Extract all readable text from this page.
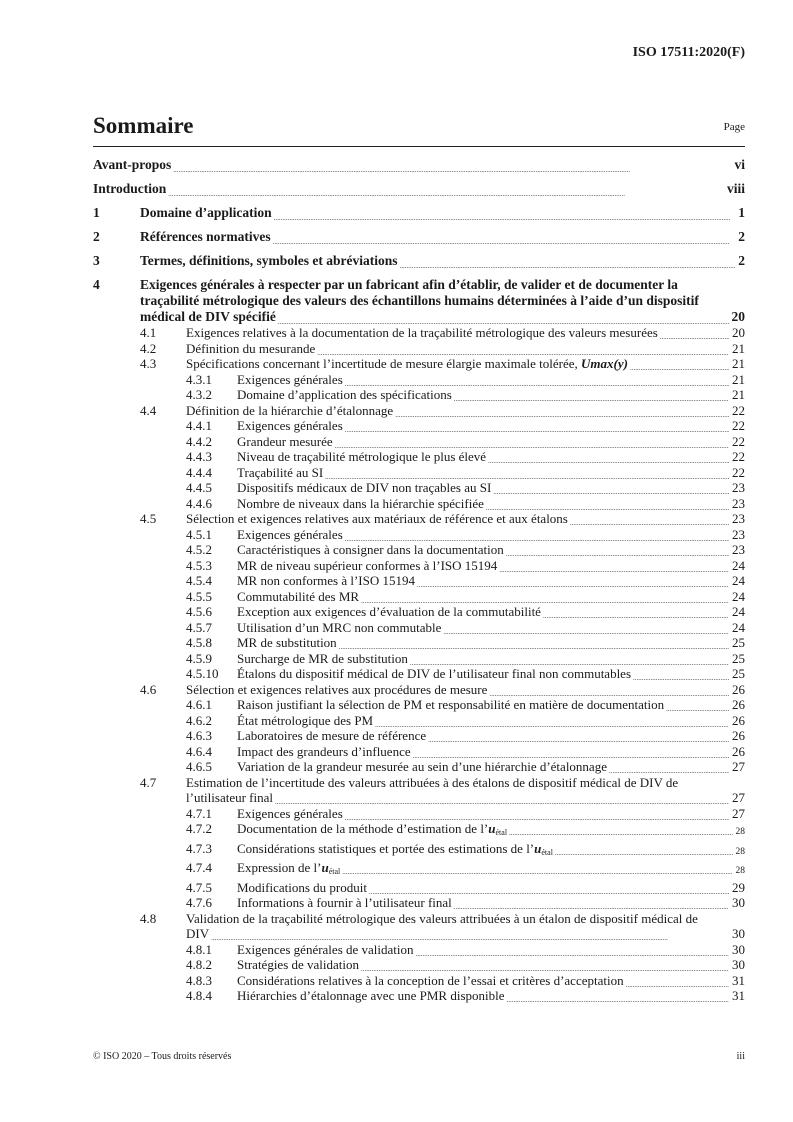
ISO 17511:2020(F)
Sommaire	Page
Avant-propos .....	vi
Introduction .....	viii
1	Domaine d’application .....	1
2	Références normatives .....	2
3	Termes, définitions, symboles et abréviations .....	2
4	Exigences générales à respecter par un fabricant afin d’établir, de valider et de documenter la traçabilité métrologique des valeurs des échantillons humains déterminées à l’aide d’un dispositif médical de DIV spécifié .....	20
4.1	Exigences relatives à la documentation de la traçabilité métrologique des valeurs mesurées .....	20
4.2	Définition du mesurande .....	21
4.3	Spécifications concernant l’incertitude de mesure élargie maximale tolérée, Umax(y) .....	21
4.3.1	Exigences générales .....	21
4.3.2	Domaine d’application des spécifications .....	21
4.4	Définition de la hiérarchie d’étalonnage .....	22
4.4.1	Exigences générales .....	22
4.4.2	Grandeur mesurée .....	22
4.4.3	Niveau de traçabilité métrologique le plus élevé .....	22
4.4.4	Traçabilité au SI .....	22
4.4.5	Dispositifs médicaux de DIV non traçables au SI .....	23
4.4.6	Nombre de niveaux dans la hiérarchie spécifiée .....	23
4.5	Sélection et exigences relatives aux matériaux de référence et aux étalons .....	23
4.5.1	Exigences générales .....	23
4.5.2	Caractéristiques à consigner dans la documentation .....	23
4.5.3	MR de niveau supérieur conformes à l’ISO 15194 .....	24
4.5.4	MR non conformes à l’ISO 15194 .....	24
4.5.5	Commutabilité des MR .....	24
4.5.6	Exception aux exigences d’évaluation de la commutabilité .....	24
4.5.7	Utilisation d’un MRC non commutable .....	24
4.5.8	MR de substitution .....	25
4.5.9	Surcharge de MR de substitution .....	25
4.5.10	Étalons du dispositif médical de DIV de l’utilisateur final non commutables .....	25
4.6	Sélection et exigences relatives aux procédures de mesure .....	26
4.6.1	Raison justifiant la sélection de PM et responsabilité en matière de documentation .....	26
4.6.2	État métrologique des PM .....	26
4.6.3	Laboratoires de mesure de référence .....	26
4.6.4	Impact des grandeurs d’influence .....	26
4.6.5	Variation de la grandeur mesurée au sein d’une hiérarchie d’étalonnage .....	27
4.7	Estimation de l’incertitude des valeurs attribuées à des étalons de dispositif médical de DIV de l’utilisateur final .....	27
4.7.1	Exigences générales .....	27
4.7.2	Documentation de la méthode d’estimation de $l’u_{étal}$ .....	28
4.7.3	Considérations statistiques et portée des estimations de $l’u_{étal}$ .....	28
4.7.4	Expression de $l’u_{étal}$ .....	28
4.7.5	Modifications du produit .....	29
4.7.6	Informations à fournir à l’utilisateur final .....	30
4.8	Validation de la traçabilité métrologique des valeurs attribuées à un étalon de dispositif médical de DIV .....	30
4.8.1	Exigences générales de validation .....	30
4.8.2	Stratégies de validation .....	30
4.8.3	Considérations relatives à la conception de l’essai et critères d’acceptation .....	31
4.8.4	Hiérarchies d’étalonnage avec une PMR disponible .....	31
© ISO 2020 – Tous droits réservés	iii
